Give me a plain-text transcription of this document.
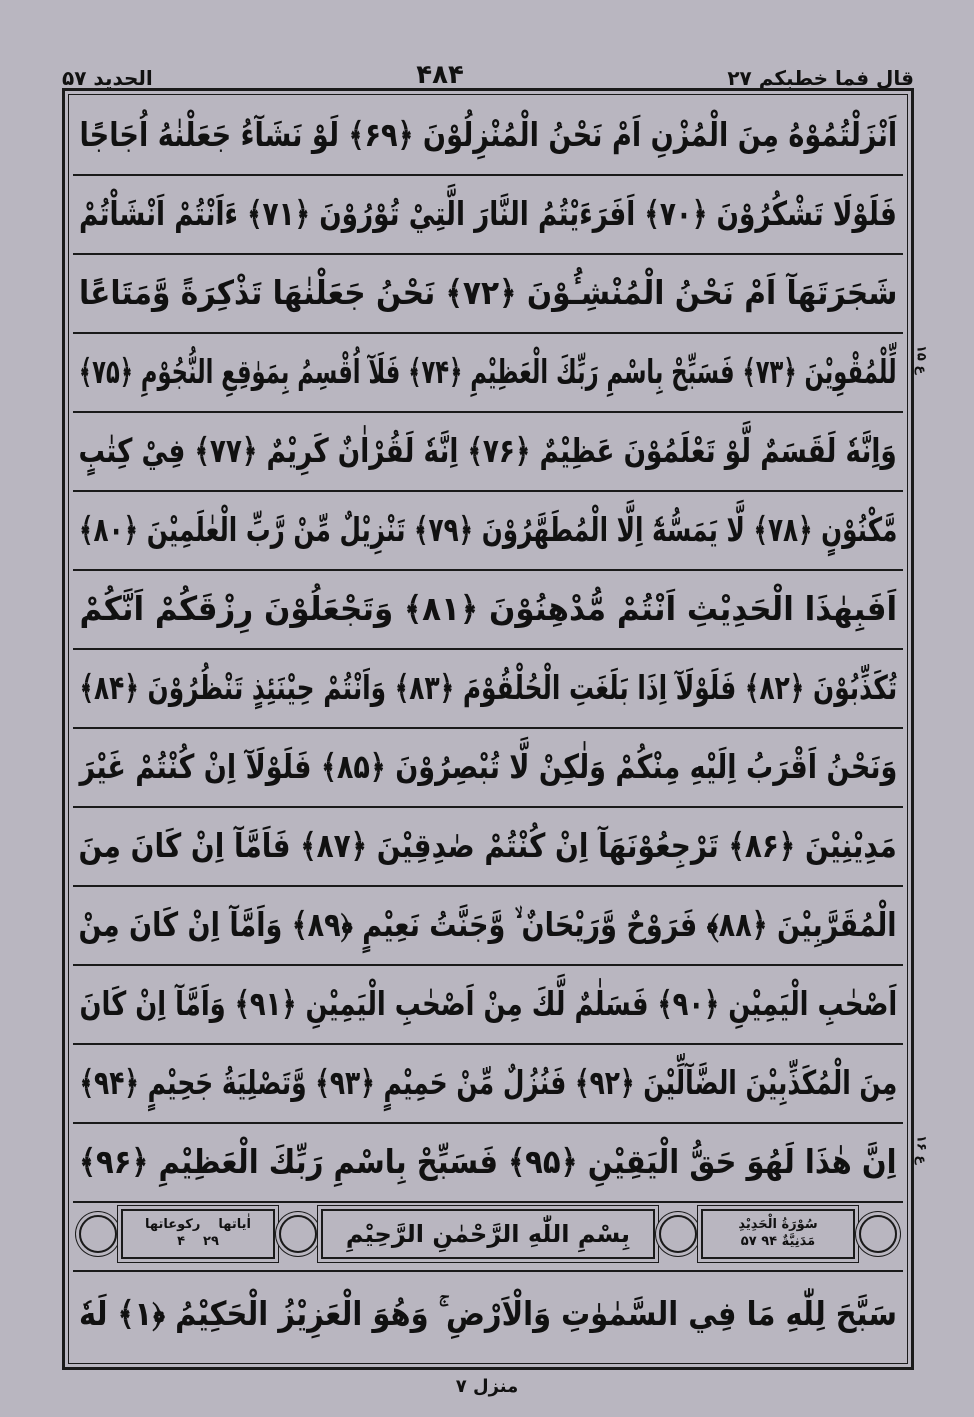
الحدید ۵۷	۴۸۴	قال فما خطبکم ۲۷
اَنْزَلْتُمُوْهُ مِنَ الْمُزْنِ اَمْ نَحْنُ الْمُنْزِلُوْنَ ﴿۶۹﴾ لَوْ نَشَآءُ جَعَلْنٰهُ اُجَاجًا
فَلَوْلَا تَشْكُرُوْنَ ﴿۷۰﴾ اَفَرَءَيْتُمُ النَّارَ الَّتِيْ تُوْرُوْنَ ﴿۷۱﴾ ءَاَنْتُمْ اَنْشَاْتُمْ
شَجَرَتَهَآ اَمْ نَحْنُ الْمُنْشِـُٔوْنَ ﴿۷۲﴾ نَحْنُ جَعَلْنٰهَا تَذْكِرَةً وَّمَتَاعًا
لِّلْمُقْوِيْنَ ﴿۷۳﴾ فَسَبِّحْ بِاسْمِ رَبِّكَ الْعَظِيْمِ ﴿۷۴﴾ فَلَآ اُقْسِمُ بِمَوٰقِعِ النُّجُوْمِ ﴿۷۵﴾
وَاِنَّهٗ لَقَسَمٌ لَّوْ تَعْلَمُوْنَ عَظِيْمٌ ﴿۷۶﴾ اِنَّهٗ لَقُرْاٰنٌ كَرِيْمٌ ﴿۷۷﴾ فِيْ كِتٰبٍ
مَّكْنُوْنٍ ﴿۷۸﴾ لَّا يَمَسُّهٗٓ اِلَّا الْمُطَهَّرُوْنَ ﴿۷۹﴾ تَنْزِيْلٌ مِّنْ رَّبِّ الْعٰلَمِيْنَ ﴿۸۰﴾
اَفَبِهٰذَا الْحَدِيْثِ اَنْتُمْ مُّدْهِنُوْنَ ﴿۸۱﴾ وَتَجْعَلُوْنَ رِزْقَكُمْ اَنَّكُمْ
تُكَذِّبُوْنَ ﴿۸۲﴾ فَلَوْلَآ اِذَا بَلَغَتِ الْحُلْقُوْمَ ﴿۸۳﴾ وَاَنْتُمْ حِيْنَئِذٍ تَنْظُرُوْنَ ﴿۸۴﴾
وَنَحْنُ اَقْرَبُ اِلَيْهِ مِنْكُمْ وَلٰكِنْ لَّا تُبْصِرُوْنَ ﴿۸۵﴾ فَلَوْلَآ اِنْ كُنْتُمْ غَيْرَ
مَدِيْنِيْنَ ﴿۸۶﴾ تَرْجِعُوْنَهَآ اِنْ كُنْتُمْ صٰدِقِيْنَ ﴿۸۷﴾ فَاَمَّآ اِنْ كَانَ مِنَ
الْمُقَرَّبِيْنَ ﴿۸۸﴾ فَرَوْحٌ وَّرَيْحَانٌ ۙ وَّجَنَّتُ نَعِيْمٍ ﴿۸۹﴾ وَاَمَّآ اِنْ كَانَ مِنْ
اَصْحٰبِ الْيَمِيْنِ ﴿۹۰﴾ فَسَلٰمٌ لَّكَ مِنْ اَصْحٰبِ الْيَمِيْنِ ﴿۹۱﴾ وَاَمَّآ اِنْ كَانَ
مِنَ الْمُكَذِّبِيْنَ الضَّآلِّيْنَ ﴿۹۲﴾ فَنُزُلٌ مِّنْ حَمِيْمٍ ﴿۹۳﴾ وَّتَصْلِيَةُ جَحِيْمٍ ﴿۹۴﴾
اِنَّ هٰذَا لَهُوَ حَقُّ الْيَقِيْنِ ﴿۹۵﴾ فَسَبِّحْ بِاسْمِ رَبِّكَ الْعَظِيْمِ ﴿۹۶﴾
رکوعاتها اٰیاتها
۴ ۲۹	بِسْمِ اللّٰهِ الرَّحْمٰنِ الرَّحِيْمِ	سُوْرَةُ الْحَدِيْدِ
۵۷ مَدَنِيَّةٌ ۹۴
سَبَّحَ لِلّٰهِ مَا فِي السَّمٰوٰتِ وَالْاَرْضِ ۚ وَهُوَ الْعَزِيْزُ الْحَكِيْمُ ﴿۱﴾ لَهٗ
ع ۱۵
ع ۱۶
منزل ۷
